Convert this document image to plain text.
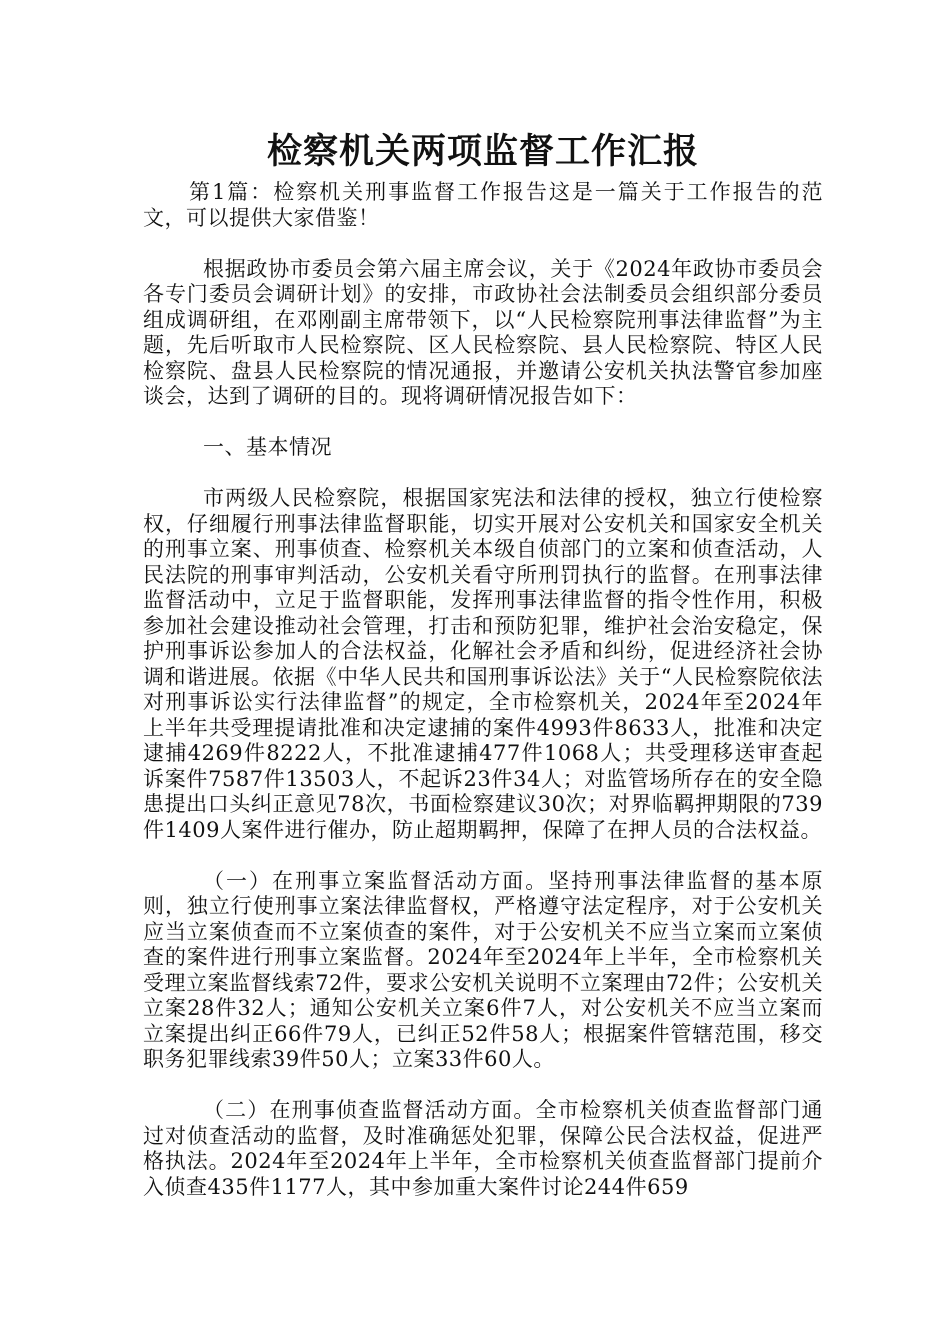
检察机关两项监督工作汇报

第1篇：检察机关刑事监督工作报告这是一篇关于工作报告的范文，可以提供大家借鉴！

根据政协市委员会第六届主席会议，关于《2024年政协市委员会各专门委员会调研计划》的安排，市政协社会法制委员会组织部分委员组成调研组，在邓刚副主席带领下，以“人民检察院刑事法律监督”为主题，先后听取市人民检察院、区人民检察院、县人民检察院、特区人民检察院、盘县人民检察院的情况通报，并邀请公安机关执法警官参加座谈会，达到了调研的目的。现将调研情况报告如下：

一、基本情况

市两级人民检察院，根据国家宪法和法律的授权，独立行使检察权，仔细履行刑事法律监督职能，切实开展对公安机关和国家安全机关的刑事立案、刑事侦查、检察机关本级自侦部门的立案和侦查活动，人民法院的刑事审判活动，公安机关看守所刑罚执行的监督。在刑事法律监督活动中，立足于监督职能，发挥刑事法律监督的指令性作用，积极参加社会建设推动社会管理，打击和预防犯罪，维护社会治安稳定，保护刑事诉讼参加人的合法权益，化解社会矛盾和纠纷，促进经济社会协调和谐进展。依据《中华人民共和国刑事诉讼法》关于“人民检察院依法对刑事诉讼实行法律监督”的规定，全市检察机关，2024年至2024年上半年共受理提请批准和决定逮捕的案件4993件8633人，批准和决定逮捕4269件8222人，不批准逮捕477件1068人；共受理移送审查起诉案件7587件13503人，不起诉23件34人；对监管场所存在的安全隐患提出口头纠正意见78次，书面检察建议30次；对界临羁押期限的739件1409人案件进行催办，防止超期羁押，保障了在押人员的合法权益。

（一）在刑事立案监督活动方面。坚持刑事法律监督的基本原则，独立行使刑事立案法律监督权，严格遵守法定程序，对于公安机关应当立案侦查而不立案侦查的案件，对于公安机关不应当立案而立案侦查的案件进行刑事立案监督。2024年至2024年上半年，全市检察机关受理立案监督线索72件，要求公安机关说明不立案理由72件；公安机关立案28件32人；通知公安机关立案6件7人，对公安机关不应当立案而立案提出纠正66件79人，已纠正52件58人；根据案件管辖范围，移交职务犯罪线索39件50人；立案33件60人。

（二）在刑事侦查监督活动方面。全市检察机关侦查监督部门通过对侦查活动的监督，及时准确惩处犯罪，保障公民合法权益，促进严格执法。2024年至2024年上半年，全市检察机关侦查监督部门提前介入侦查435件1177人，其中参加重大案件讨论244件659
